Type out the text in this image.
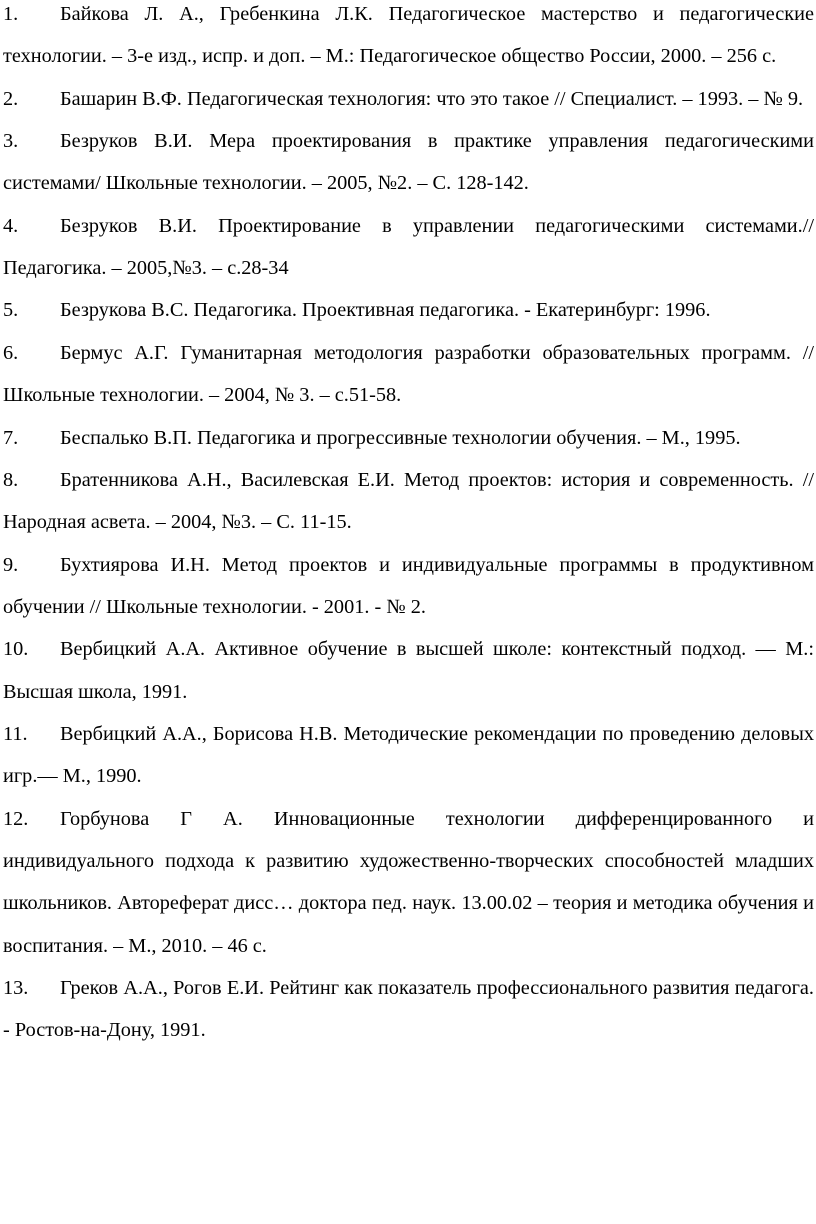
1. Байкова Л. А., Гребенкина Л.К. Педагогическое мастерство и педагогические технологии. – 3-е изд., испр. и доп. – М.: Педагогическое общество России, 2000. – 256 с.
2. Башарин В.Ф. Педагогическая технология: что это такое // Специалист. – 1993. – № 9.
3. Безруков В.И. Мера проектирования в практике управления педагогическими системами/ Школьные технологии. – 2005, №2. – С. 128-142.
4. Безруков В.И. Проектирование в управлении педагогическими системами.// Педагогика. – 2005,№3. – с.28-34
5. Безрукова В.С. Педагогика. Проективная педагогика. - Екатеринбург: 1996.
6. Бермус А.Г. Гуманитарная методология разработки образовательных программ. // Школьные технологии. – 2004, № 3. – с.51-58.
7. Беспалько В.П. Педагогика и прогрессивные технологии обучения. – М., 1995.
8. Братенникова А.Н., Василевская Е.И. Метод проектов: история и современность. // Народная асвета. – 2004, №3. – С. 11-15.
9. Бухтиярова И.Н. Метод проектов и индивидуальные программы в продуктивном обучении // Школьные технологии. - 2001. - № 2.
10. Вербицкий А.А. Активное обучение в высшей школе: контекстный подход. — М.: Высшая школа, 1991.
11. Вербицкий А.А., Борисова Н.В. Методические рекомендации по проведению деловых игр.— М., 1990.
12. Горбунова Г А. Инновационные технологии дифференцированного и индивидуального подхода к развитию художественно-творческих способностей младших школьников. Автореферат дисс… доктора пед. наук. 13.00.02 – теория и методика обучения и воспитания. – М., 2010. – 46 с.
13. Греков А.А., Рогов Е.И. Рейтинг как показатель профессионального развития педагога. - Ростов-на-Дону, 1991.
